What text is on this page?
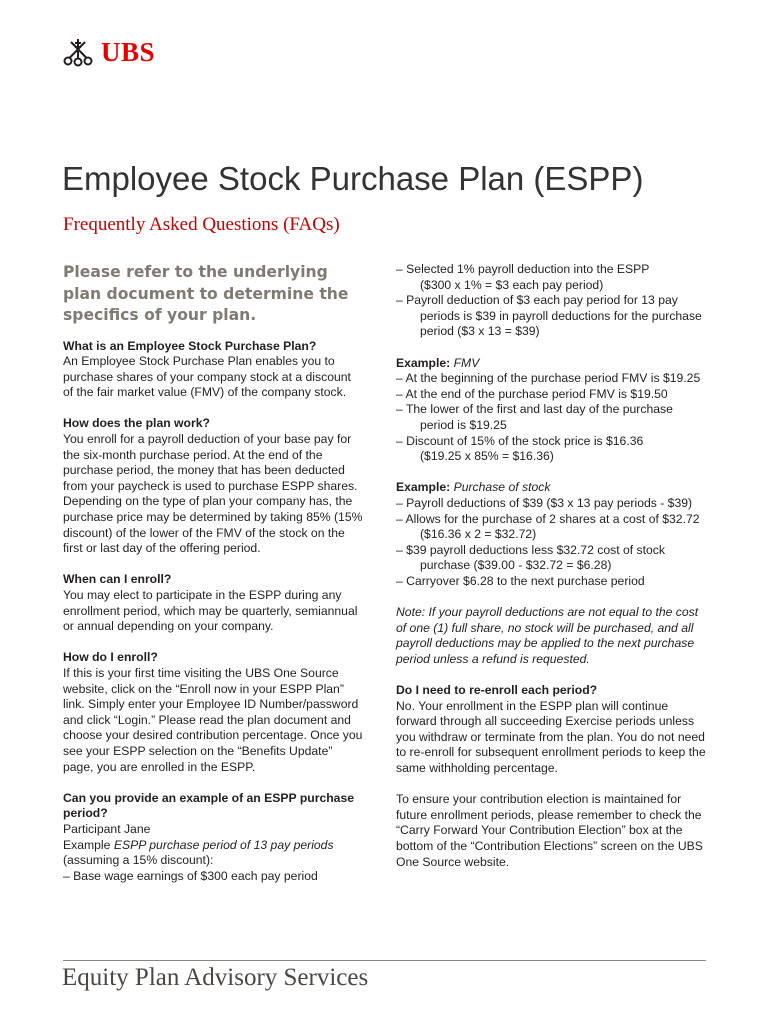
UBS
Employee Stock Purchase Plan (ESPP)
Frequently Asked Questions (FAQs)

Please refer to the underlying plan document to determine the specifics of your plan.

What is an Employee Stock Purchase Plan?

An Employee Stock Purchase Plan enables you to purchase shares of your company stock at a discount of the fair market value (FMV) of the company stock.

How does the plan work?

You enroll for a payroll deduction of your base pay for the six-month purchase period. At the end of the purchase period, the money that has been deducted from your paycheck is used to purchase ESPP shares. Depending on the type of plan your company has, the purchase price may be determined by taking 85% (15% discount) of the lower of the FMV of the stock on the first or last day of the offering period.

When can I enroll?

You may elect to participate in the ESPP during any enrollment period, which may be quarterly, semiannual or annual depending on your company.

How do I enroll?

If this is your first time visiting the UBS One Source website, click on the “Enroll now in your ESPP Plan” link. Simply enter your Employee ID Number/password and click “Login.” Please read the plan document and choose your desired contribution percentage. Once you see your ESPP selection on the “Benefits Update” page, you are enrolled in the ESPP.

Can you provide an example of an ESPP purchase period?

Participant Jane

Example ESPP purchase period of 13 pay periods

(assuming a 15% discount):

– Base wage earnings of $300 each pay period

– Selected 1% payroll deduction into the ESPP
($300 x 1% = $3 each pay period)

– Payroll deduction of $3 each pay period for 13 pay
periods is $39 in payroll deductions for the purchase period ($3 x 13 = $39)

Example: FMV

– At the beginning of the purchase period FMV is $19.25

– At the end of the purchase period FMV is $19.50

– The lower of the first and last day of the purchase
period is $19.25

– Discount of 15% of the stock price is $16.36
($19.25 x 85% = $16.36)

Example: Purchase of stock

– Payroll deductions of $39 ($3 x 13 pay periods - $39)

– Allows for the purchase of 2 shares at a cost of $32.72
($16.36 x 2 = $32.72)

– $39 payroll deductions less $32.72 cost of stock
purchase ($39.00 - $32.72 = $6.28)

– Carryover $6.28 to the next purchase period

Note: If your payroll deductions are not equal to the cost of one (1) full share, no stock will be purchased, and all payroll deductions may be applied to the next purchase period unless a refund is requested.

Do I need to re-enroll each period?

No. Your enrollment in the ESPP plan will continue forward through all succeeding Exercise periods unless you withdraw or terminate from the plan. You do not need to re-enroll for subsequent enrollment periods to keep the same withholding percentage.

To ensure your contribution election is maintained for future enrollment periods, please remember to check the “Carry Forward Your Contribution Election” box at the bottom of the “Contribution Elections” screen on the UBS One Source website.

Equity Plan Advisory Services
